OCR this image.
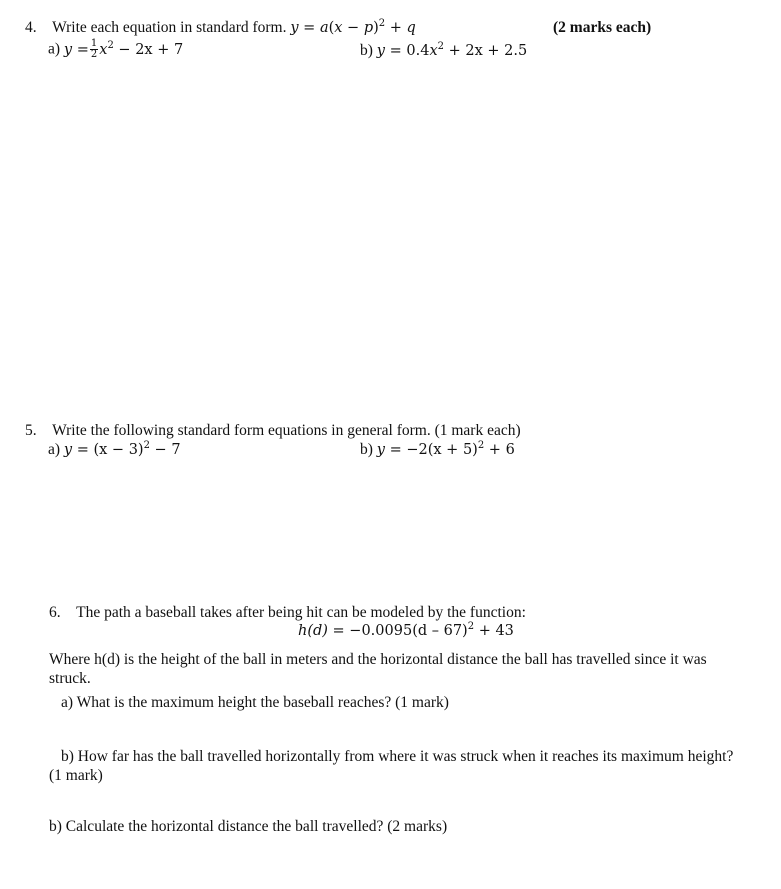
4. Write each equation in standard form. $y = a(x - p)^2 + q$	(2 marks each)
a) $y = \frac{1}{2} x^2 - 2x + 7$	b) $y = 0.4x^2 + 2x + 2.5$
5. Write the following standard form equations in general form. (1 mark each)
a) $y = (x - 3)^2 - 7$	b) $y = -2(x + 5)^2 + 6$
6. The path a baseball takes after being hit can be modeled by the function:
h(d) = −0.0095(d – 67)$^2$ + 43
Where h(d) is the height of the ball in meters and the horizontal distance the ball has travelled since it was struck.
a) What is the maximum height the baseball reaches? (1 mark)
b) How far has the ball travelled horizontally from where it was struck when it reaches its maximum height? (1 mark)
b) Calculate the horizontal distance the ball travelled? (2 marks)
